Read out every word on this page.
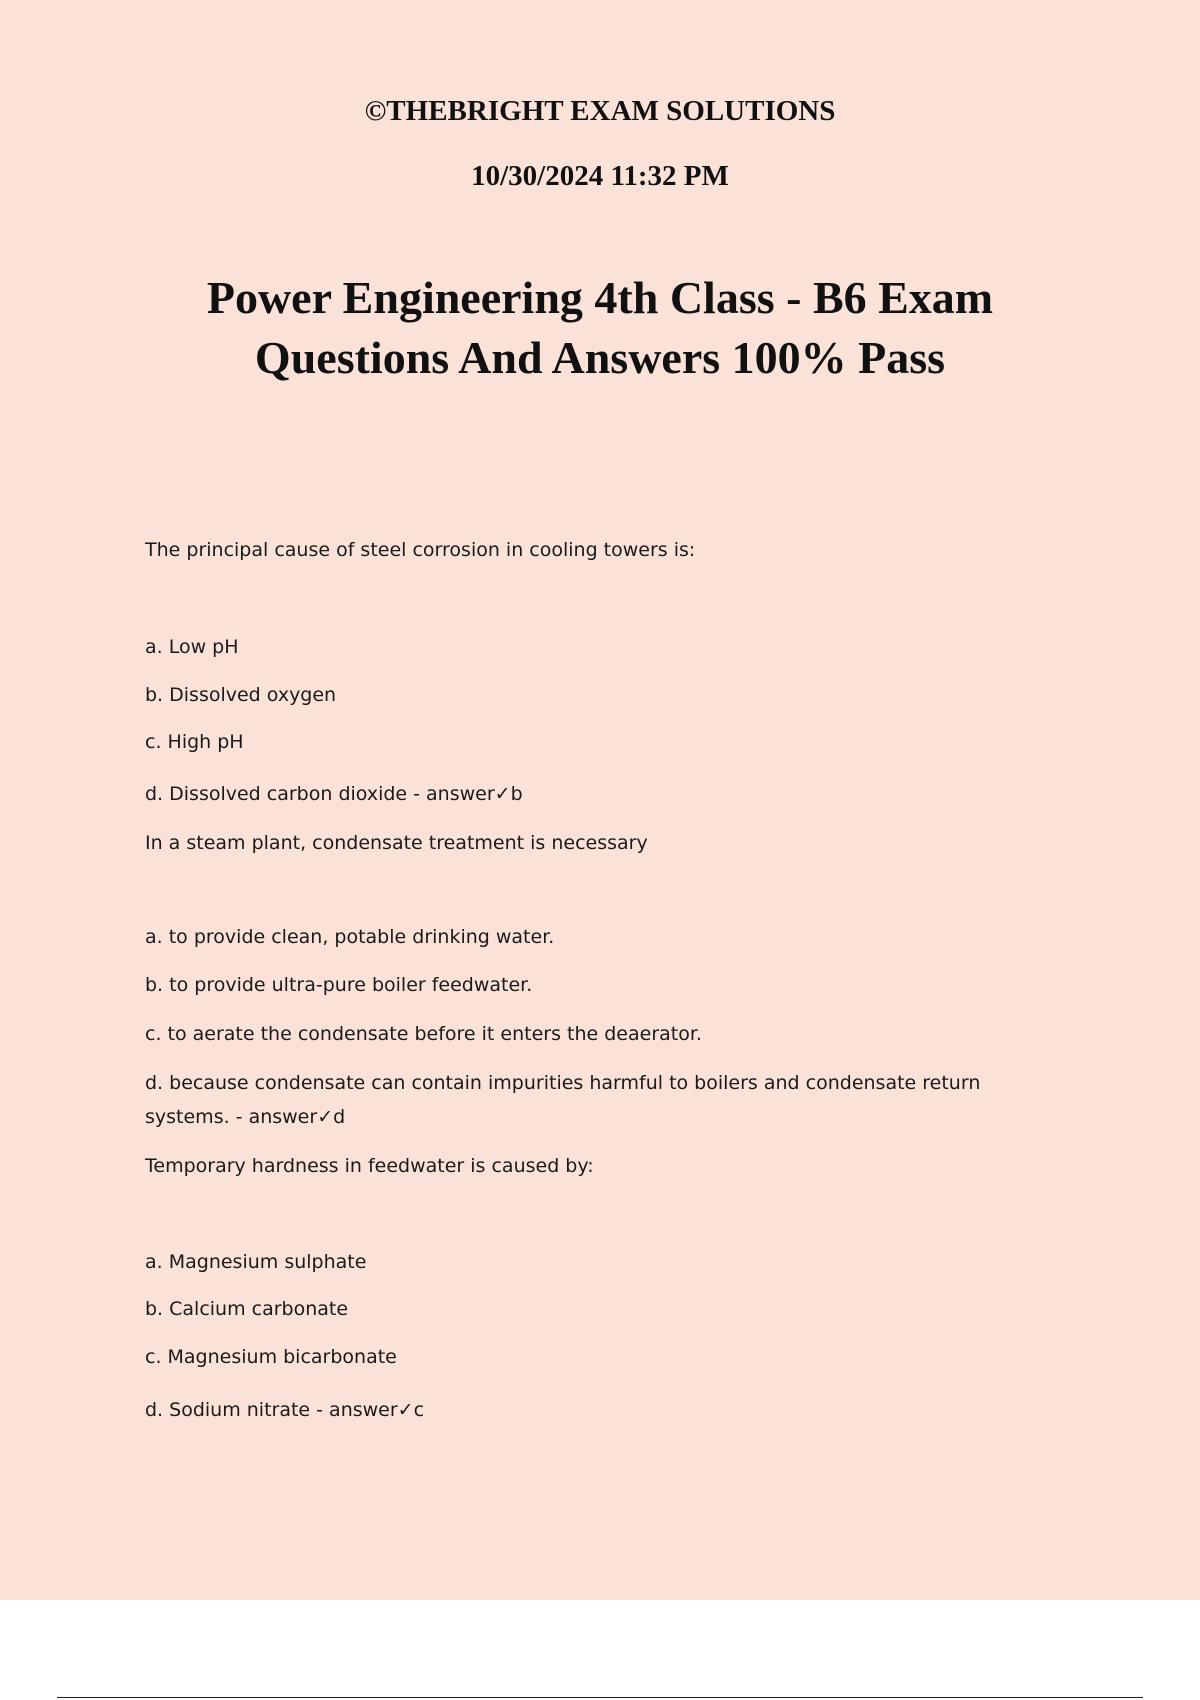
©THEBRIGHT EXAM SOLUTIONS

10/30/2024 11:32 PM

Power Engineering 4th Class - B6 Exam
Questions And Answers 100% Pass

The principal cause of steel corrosion in cooling towers is:

a. Low pH

b. Dissolved oxygen

c. High pH

d. Dissolved carbon dioxide - answer✓b

In a steam plant, condensate treatment is necessary

a. to provide clean, potable drinking water.

b. to provide ultra-pure boiler feedwater.

c. to aerate the condensate before it enters the deaerator.

d. because condensate can contain impurities harmful to boilers and condensate return

systems. - answer✓d

Temporary hardness in feedwater is caused by:

a. Magnesium sulphate

b. Calcium carbonate

c. Magnesium bicarbonate

d. Sodium nitrate - answer✓c
